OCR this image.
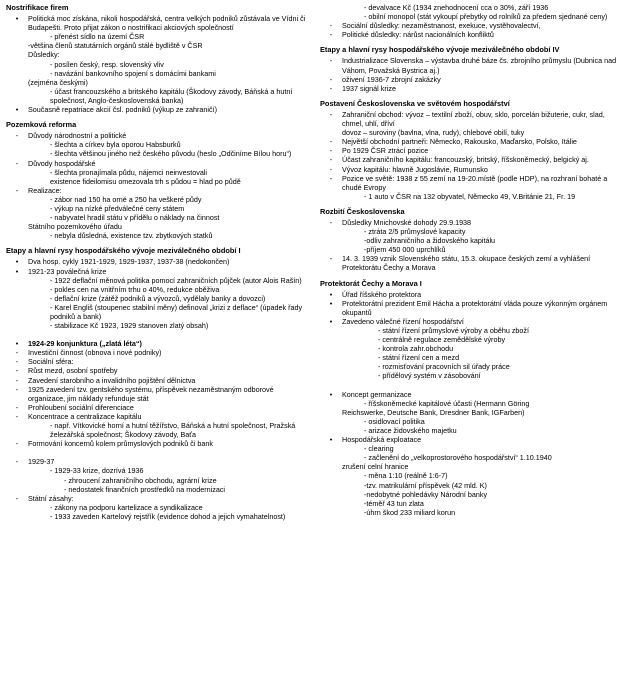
Nostrifikace firem
•	Politická moc získána, nikoli hospodářská, centra velkých podniků zůstávala ve Vídni či Budapešti. Proto přijat zákon o nostrifikaci akciových společností
- přenést sídlo na území ČSR
-většina členů statutárních orgánů stálé bydliště v ČSR
Důsledky:
- posílen český, resp. slovenský vliv
- navázání bankovního spojení s domácími bankami
(zejména českými)
- účast francouzského a britského kapitálu (Škodovy závody, Báňská a hutní společnost, Anglo-československá banka)
•	Současně repatriace akcií čsl. podniků (výkup ze zahraničí)
Pozemková reforma
-	Důvody národnostní a politické
- šlechta a církev byla oporou Habsburků
- šlechta většinou jiného než českého původu (heslo „Odčiníme Bílou horu“)
-	Důvody hospodářské
- šlechta pronajímala půdu, nájemci neinvestovali
existence fideilomisu omezovala trh s půdou = hlad po půdě
-	Realizace:
- zábor nad 150 ha orné a 250 ha veškeré půdy
- výkup na nízké předválečné ceny státem
- nabyvatel hradil státu v přídělu o náklady na činnost
Státního pozemkového úřadu
- nebyla důsledná, existence tzv. zbytkových statků
Etapy a hlavní rysy hospodářského vývoje meziválečného období I
•	Dva hosp. cykly 1921-1929, 1929-1937, 1937-38 (nedokončen)
•	1921-23 poválečná krize
- 1922 deflační měnová politika pomocí zahraničních půjček (autor Alois Rašín)
- pokles cen na vnitřním trhu o 40%, redukce oběživa
- deflační krize (zátěž podniků a vývozců, vydělaly banky a dovozci)
- Karel Engliš (stoupenec stabilní měny) definoval „krizi z deflace“ (úpadek řady podniků a bank)
- stabilizace Kč 1923, 1929 stanoven zlatý obsah)
•	1924-29 konjunktura („zlatá léta“)
-	Investiční činnost (obnova i nové podniky)
-	Sociální sféra:
-	Růst mezd, osobní spotřeby
-	Zavedení starobního a invalidního pojištění dělnictva
-	1925 zavedení tzv. gentského systému, příspěvek nezaměstnaným odborové organizace, jim náklady refunduje stát
-	Prohloubení sociální diferenciace
-	Koncentrace a centralizace kapitálu
- např. Vítkovické horní a hutní těžířstvo, Báňská a hutní společnost, Pražská železářská společnost; Škodovy závody, Baťa
-	Formování koncernů kolem průmyslových podniků či bank
-	1929-37
- 1929-33 krize, dozrívá 1936
- zhroucení zahraničního obchodu, agrární krize
- nedostatek finančních prostředků na modernizaci
-	Státní zásahy:
- zákony na podporu kartelizace a syndikalizace
- 1933 zaveden Kartelový rejstřík (evidence dohod a jejich vymahatelnost)
- devalvace Kč (1934 znehodnocení cca o 30%, září 1936
- obilní monopol (stát vykoupí přebytky od rolníků za předem sjednané ceny)
-	Sociální důsledky: nezaměstnanost, exekuce, vystěhovalectví,
-	Politické důsledky: nárůst nacionálních konfliktů
Etapy a hlavní rysy hospodářského vývoje meziválečného období IV
-	Industrializace Slovenska – výstavba druhé báze čs. zbrojního průmyslu (Dubnica nad Váhom, Považská Bystrica aj.)
-	oživení 1936-7 zbrojní zakázky
-	1937 signál krize
Postavení Československa ve světovém hospodářství
-	Zahraniční obchod: vývoz – textilní zboží, obuv, sklo, porcelán bižuterie, cukr, slad, chmel, uhlí, dříví
dovoz – suroviny (bavlna, vlna, rudy), chlebové obilí, tuky
-	Největší obchodní partneři: Německo, Rakousko, Maďarsko, Polsko, Itálie
-	Po 1929 ČSR ztrácí pozice
-	Účast zahraničního kapitálu: francouzský, britský, říšskoněmecký, belgický aj.
-	Vývoz kapitálu: hlavně Jugoslávie, Rumunsko
-	Pozice ve světě: 1938 z 55 zemí na 19-20.místě (podle HDP), na rozhraní bohaté a chudé Evropy
- 1 auto v ČSR na 132 obyvatel, Německo 49, V.Británie 21, Fr. 19
Rozbití Československa
-	Důsledky Mnichovské dohody 29.9.1938
- ztráta 2/5 průmyslové kapacity
-odliv zahraničního a židovského kapitálu
-příjem 450 000 uprchlíků
-	14. 3. 1939 vznik Slovenského státu, 15.3. okupace českých zemí a vyhlášení Protektorátu Čechy a Morava
Protektorát Čechy a Morava I
•	Úřad říšského protektora
•	Protektorátní prezident Emil Hácha a protektorátní vláda pouze výkonným orgánem okupantů
•	Zavedeno válečné řízení hospodářství
- státní řízení průmyslové výroby a oběhu zboží
- centrálně regulace zemědělské výroby
- kontrola zahr.obchodu
- státní řízení cen a mezd
- rozmisťování pracovních sil úřady práce
- přídělový systém v zásobování
•	Koncept germanizace
- říšskoněmecké kapitálové účasti (Hermann Göring
Reichswerke, Deutsche Bank, Dresdner Bank, IGFarben)
- osidlovací politika
- arizace židovského majetku
•	Hospodářská exploatace
- clearing
- začlenění do „velkoprostorového hospodářství“ 1.10.1940
zrušení celní hranice
- měna 1:10 (reálně 1:6-7)
-tzv. matrikulární příspěvek (42 mld. K)
-nedobytné pohledávky Národní banky
-téměř 43 tun zlata
-úhrn škod 233 miliard korun
